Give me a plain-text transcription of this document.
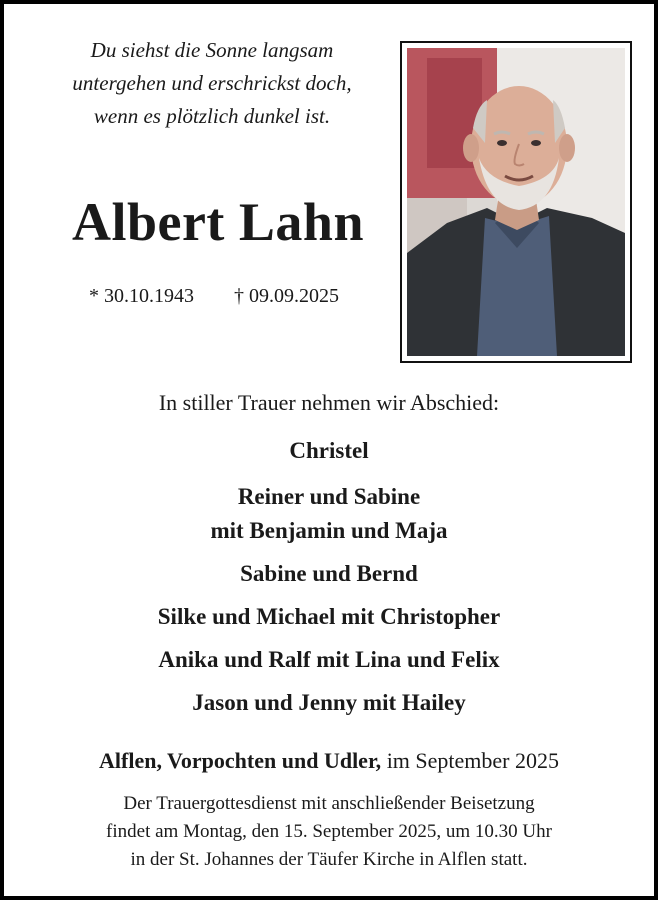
Du siehst die Sonne langsam
untergehen und erschrickst doch,
wenn es plötzlich dunkel ist.
Albert Lahn
* 30.10.1943 † 09.09.2025
In stiller Trauer nehmen wir Abschied:
Christel
Reiner und Sabine
mit Benjamin und Maja
Sabine und Bernd
Silke und Michael mit Christopher
Anika und Ralf mit Lina und Felix
Jason und Jenny mit Hailey
Alflen, Vorpochten und Udler, im September 2025
Der Trauergottesdienst mit anschließender Beisetzung
findet am Montag, den 15. September 2025, um 10.30 Uhr
in der St. Johannes der Täufer Kirche in Alflen statt.
